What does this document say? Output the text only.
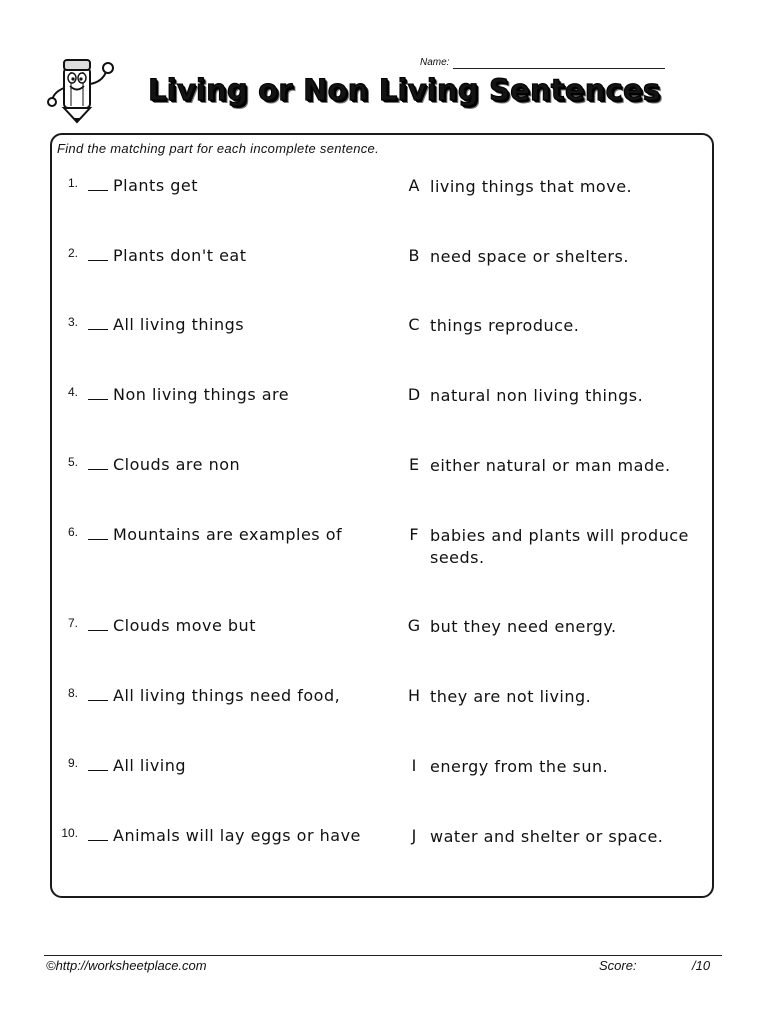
Name:
Living or Non Living Sentences
Find the matching part for each incomplete sentence.
1. Plants get	A living things that move.
2. Plants don't eat	B need space or shelters.
3. All living things	C things reproduce.
4. Non living things are	D natural non living things.
5. Clouds are non	E either natural or man made.
6. Mountains are examples of	F babies and plants will produce seeds.
7. Clouds move but	G but they need energy.
8. All living things need food,	H they are not living.
9. All living	I energy from the sun.
10. Animals will lay eggs or have	J water and shelter or space.
©http://worksheetplace.com	Score:	/10
